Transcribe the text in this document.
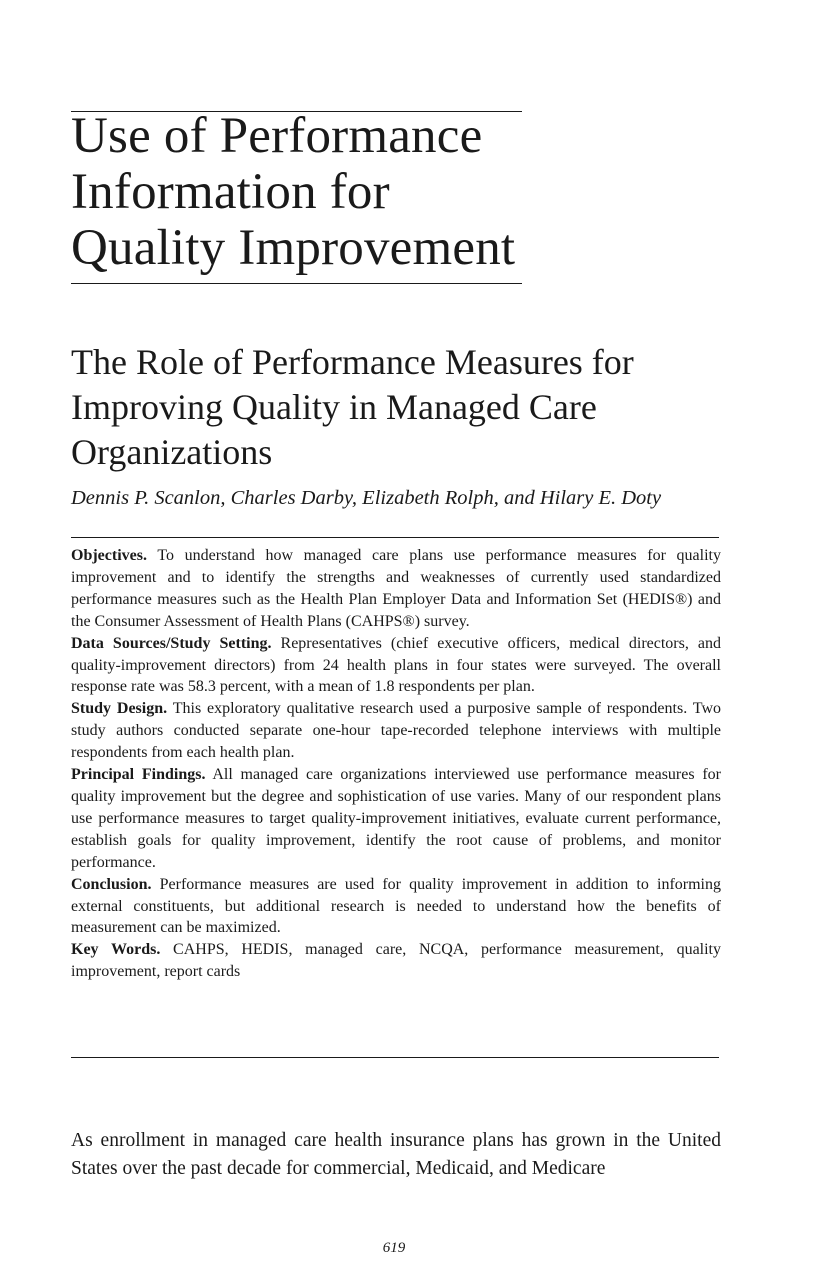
Use of Performance
Information for
Quality Improvement
The Role of Performance Measures for
Improving Quality in Managed Care
Organizations
Dennis P. Scanlon, Charles Darby, Elizabeth Rolph, and Hilary E. Doty

Objectives. To understand how managed care plans use performance measures for quality improvement and to identify the strengths and weaknesses of currently used standardized performance measures such as the Health Plan Employer Data and Information Set (HEDIS®) and the Consumer Assessment of Health Plans (CAHPS®) survey.

Data Sources/Study Setting. Representatives (chief executive officers, medical directors, and quality-improvement directors) from 24 health plans in four states were surveyed. The overall response rate was 58.3 percent, with a mean of 1.8 respondents per plan.

Study Design. This exploratory qualitative research used a purposive sample of respondents. Two study authors conducted separate one-hour tape-recorded telephone interviews with multiple respondents from each health plan.

Principal Findings. All managed care organizations interviewed use performance measures for quality improvement but the degree and sophistication of use varies. Many of our respondent plans use performance measures to target quality-improvement initiatives, evaluate current performance, establish goals for quality improvement, identify the root cause of problems, and monitor performance.

Conclusion. Performance measures are used for quality improvement in addition to informing external constituents, but additional research is needed to understand how the benefits of measurement can be maximized.

Key Words. CAHPS, HEDIS, managed care, NCQA, performance measurement, quality improvement, report cards

As enrollment in managed care health insurance plans has grown in the United States over the past decade for commercial, Medicaid, and Medicare

619
